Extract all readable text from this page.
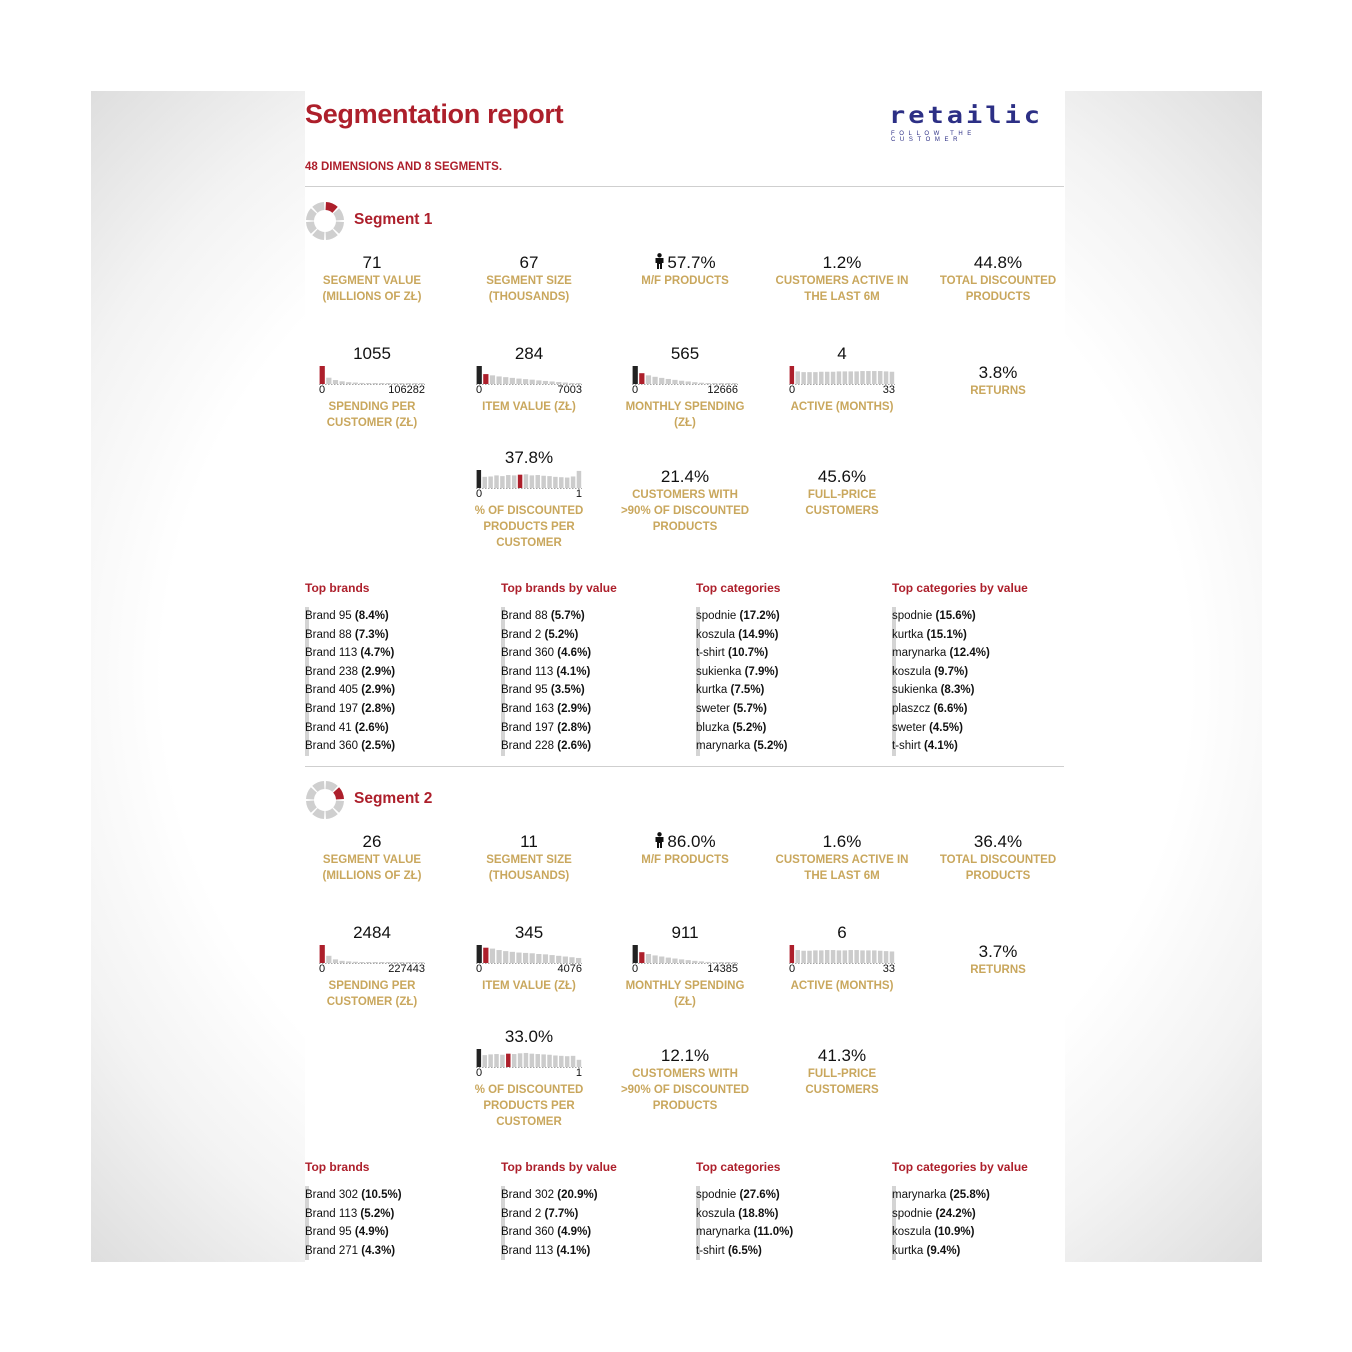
Segmentation report	retailic
FOLLOW THE CUSTOMER
48 DIMENSIONS AND 8 SEGMENTS.
Segment 1
71
SEGMENT VALUE (MILLIONS OF ZŁ)
67
SEGMENT SIZE (THOUSANDS)
57.7%
M/F PRODUCTS
1.2%
CUSTOMERS ACTIVE IN THE LAST 6M
44.8%
TOTAL DISCOUNTED PRODUCTS
1055
0	106282
SPENDING PER CUSTOMER (ZŁ)
284
0	7003
ITEM VALUE (ZŁ)
565
0	12666
MONTHLY SPENDING (ZŁ)
4
0	33
ACTIVE (MONTHS)
3.8%
RETURNS
37.8%
0	1
% OF DISCOUNTED PRODUCTS PER CUSTOMER
21.4%
CUSTOMERS WITH >90% OF DISCOUNTED PRODUCTS
45.6%
FULL-PRICE CUSTOMERS
Top brands
Brand 95 (8.4%)
Brand 88 (7.3%)
Brand 113 (4.7%)
Brand 238 (2.9%)
Brand 405 (2.9%)
Brand 197 (2.8%)
Brand 41 (2.6%)
Brand 360 (2.5%)
Top brands by value
Brand 88 (5.7%)
Brand 2 (5.2%)
Brand 360 (4.6%)
Brand 113 (4.1%)
Brand 95 (3.5%)
Brand 163 (2.9%)
Brand 197 (2.8%)
Brand 228 (2.6%)
Top categories
spodnie (17.2%)
koszula (14.9%)
t-shirt (10.7%)
sukienka (7.9%)
kurtka (7.5%)
sweter (5.7%)
bluzka (5.2%)
marynarka (5.2%)
Top categories by value
spodnie (15.6%)
kurtka (15.1%)
marynarka (12.4%)
koszula (9.7%)
sukienka (8.3%)
plaszcz (6.6%)
sweter (4.5%)
t-shirt (4.1%)
Segment 2
26
SEGMENT VALUE (MILLIONS OF ZŁ)
11
SEGMENT SIZE (THOUSANDS)
86.0%
M/F PRODUCTS
1.6%
CUSTOMERS ACTIVE IN THE LAST 6M
36.4%
TOTAL DISCOUNTED PRODUCTS
2484
0	227443
SPENDING PER CUSTOMER (ZŁ)
345
0	4076
ITEM VALUE (ZŁ)
911
0	14385
MONTHLY SPENDING (ZŁ)
6
0	33
ACTIVE (MONTHS)
3.7%
RETURNS
33.0%
0	1
% OF DISCOUNTED PRODUCTS PER CUSTOMER
12.1%
CUSTOMERS WITH >90% OF DISCOUNTED PRODUCTS
41.3%
FULL-PRICE CUSTOMERS
Top brands
Brand 302 (10.5%)
Brand 113 (5.2%)
Brand 95 (4.9%)
Brand 271 (4.3%)
Top brands by value
Brand 302 (20.9%)
Brand 2 (7.7%)
Brand 360 (4.9%)
Brand 113 (4.1%)
Top categories
spodnie (27.6%)
koszula (18.8%)
marynarka (11.0%)
t-shirt (6.5%)
Top categories by value
marynarka (25.8%)
spodnie (24.2%)
koszula (10.9%)
kurtka (9.4%)
